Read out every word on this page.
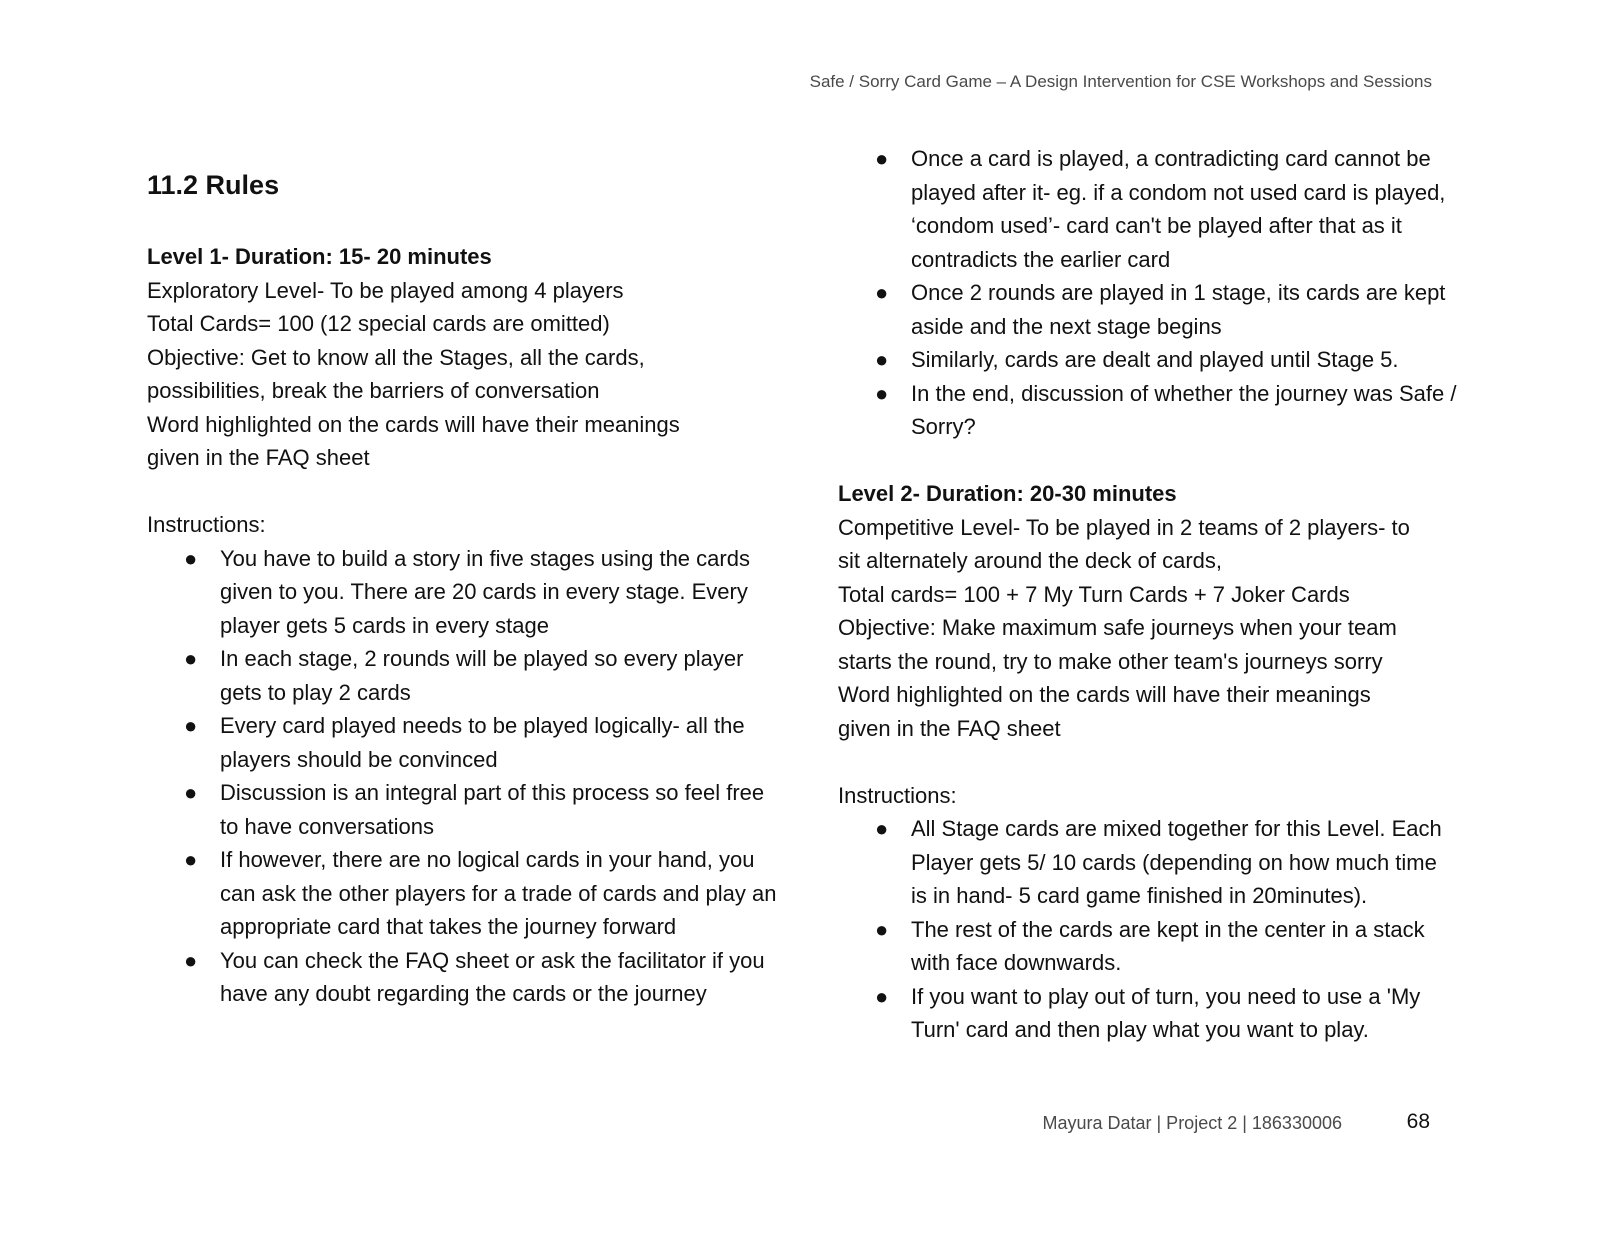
Safe / Sorry Card Game – A Design Intervention for CSE Workshops and Sessions
11.2 Rules

Level 1- Duration: 15- 20 minutes

Exploratory Level- To be played among 4 players

Total Cards= 100 (12 special cards are omitted)

Objective: Get to know all the Stages, all the cards,

possibilities, break the barriers of conversation

Word highlighted on the cards will have their meanings

given in the FAQ sheet

Instructions:

● You have to build a story in five stages using the cards given to you. There are 20 cards in every stage. Every player gets 5 cards in every stage
● In each stage, 2 rounds will be played so every player gets to play 2 cards
● Every card played needs to be played logically- all the players should be convinced
● Discussion is an integral part of this process so feel free to have conversations
● If however, there are no logical cards in your hand, you can ask the other players for a trade of cards and play an appropriate card that takes the journey forward
● You can check the FAQ sheet or ask the facilitator if you have any doubt regarding the cards or the journey
● Once a card is played, a contradicting card cannot be played after it- eg. if a condom not used card is played, ‘condom used’- card can't be played after that as it contradicts the earlier card
● Once 2 rounds are played in 1 stage, its cards are kept aside and the next stage begins
● Similarly, cards are dealt and played until Stage 5.
● In the end, discussion of whether the journey was Safe / Sorry?

Level 2- Duration: 20-30 minutes

Competitive Level- To be played in 2 teams of 2 players- to

sit alternately around the deck of cards,

Total cards= 100 + 7 My Turn Cards + 7 Joker Cards

Objective: Make maximum safe journeys when your team

starts the round, try to make other team's journeys sorry

Word highlighted on the cards will have their meanings

given in the FAQ sheet

Instructions:

● All Stage cards are mixed together for this Level. Each Player gets 5/ 10 cards (depending on how much time is in hand- 5 card game finished in 20minutes).
● The rest of the cards are kept in the center in a stack with face downwards.
● If you want to play out of turn, you need to use a 'My Turn' card and then play what you want to play.
Mayura Datar | Project 2 | 186330006	68
